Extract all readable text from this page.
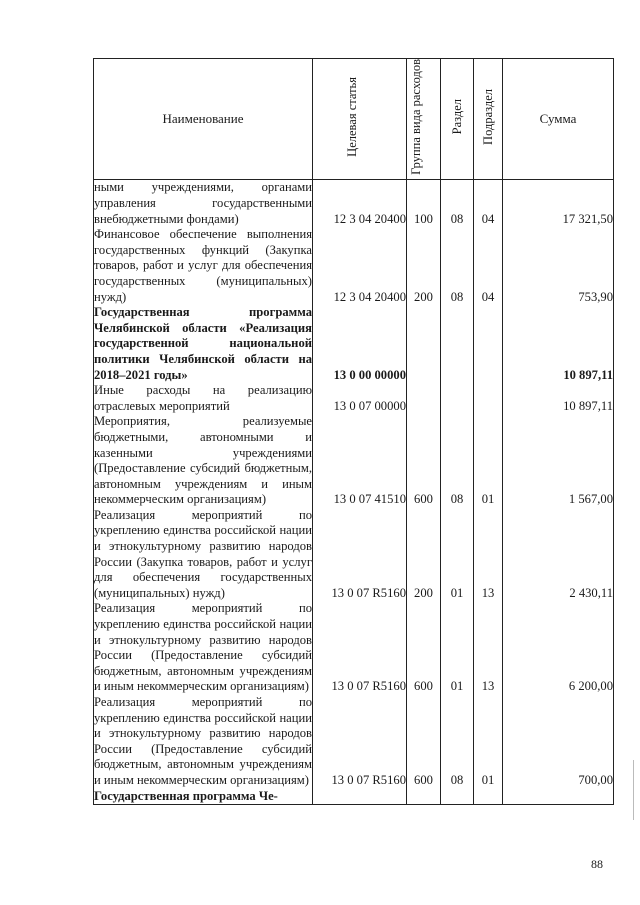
Наименование	Целевая статья	Группа вида расходов	Раздел	Подраздел	Сумма
ными учреждениями, органами управления государственными внебюджетными фондами)	12 3 04 20400	100	08	04	17 321,50
Финансовое обеспечение выполнения государственных функций (Закупка товаров, работ и услуг для обеспечения государственных (муниципальных) нужд)	12 3 04 20400	200	08	04	753,90
Государственная программа Челябинской области «Реализация государственной национальной политики Челябинской области на 2018–2021 годы»	13 0 00 00000				10 897,11
Иные расходы на реализацию отраслевых мероприятий	13 0 07 00000				10 897,11
Мероприятия, реализуемые бюджетными, автономными и казенными учреждениями (Предоставление субсидий бюджетным, автономным учреждениям и иным некоммерческим организациям)	13 0 07 41510	600	08	01	1 567,00
Реализация мероприятий по укреплению единства российской нации и этнокультурному развитию народов России (Закупка товаров, работ и услуг для обеспечения государственных (муниципальных) нужд)	13 0 07 R5160	200	01	13	2 430,11
Реализация мероприятий по укреплению единства российской нации и этнокультурному развитию народов России (Предоставление субсидий бюджетным, автономным учреждениям и иным некоммерческим организациям)	13 0 07 R5160	600	01	13	6 200,00
Реализация мероприятий по укреплению единства российской нации и этнокультурному развитию народов России (Предоставление субсидий бюджетным, автономным учреждениям и иным некоммерческим организациям)	13 0 07 R5160	600	08	01	700,00
Государственная программа Че-					
88
